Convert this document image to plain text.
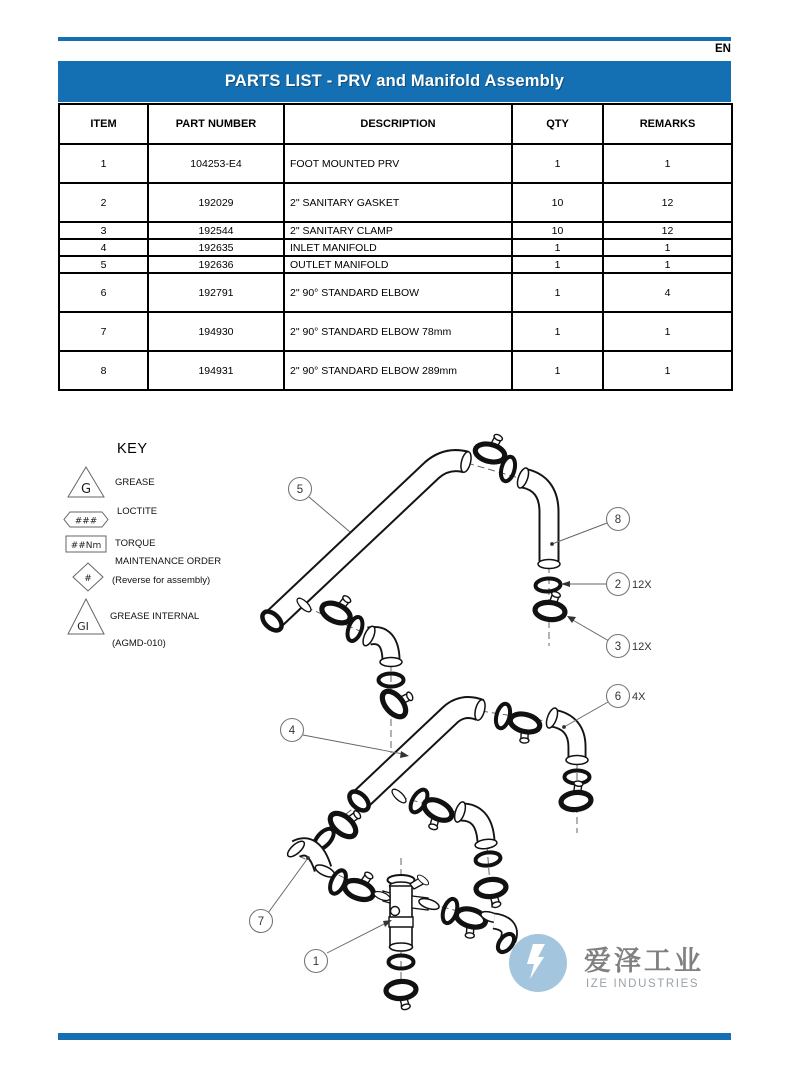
EN
PARTS LIST - PRV and Manifold Assembly
ITEM	PART NUMBER	DESCRIPTION	QTY	REMARKS
1	104253-E4	FOOT MOUNTED PRV	1	1
2	192029	2" SANITARY GASKET	10	12
3	192544	2" SANITARY CLAMP	10	12
4	192635	INLET MANIFOLD	1	1
5	192636	OUTLET MANIFOLD	1	1
6	192791	2" 90° STANDARD ELBOW	1	4
7	194930	2" 90° STANDARD ELBOW 78mm	1	1
8	194931	2" 90° STANDARD ELBOW 289mm	1	1
KEY
G	GREASE
###
LOCTITE
##Nm TORQUE
MAINTENANCE ORDER
# (Reverse for assembly)
GI
GREASE INTERNAL
(AGMD-010)
爱泽工业
IZE INDUSTRIES
5
8
2 12X
3 12X
6 4X
4
7
1
